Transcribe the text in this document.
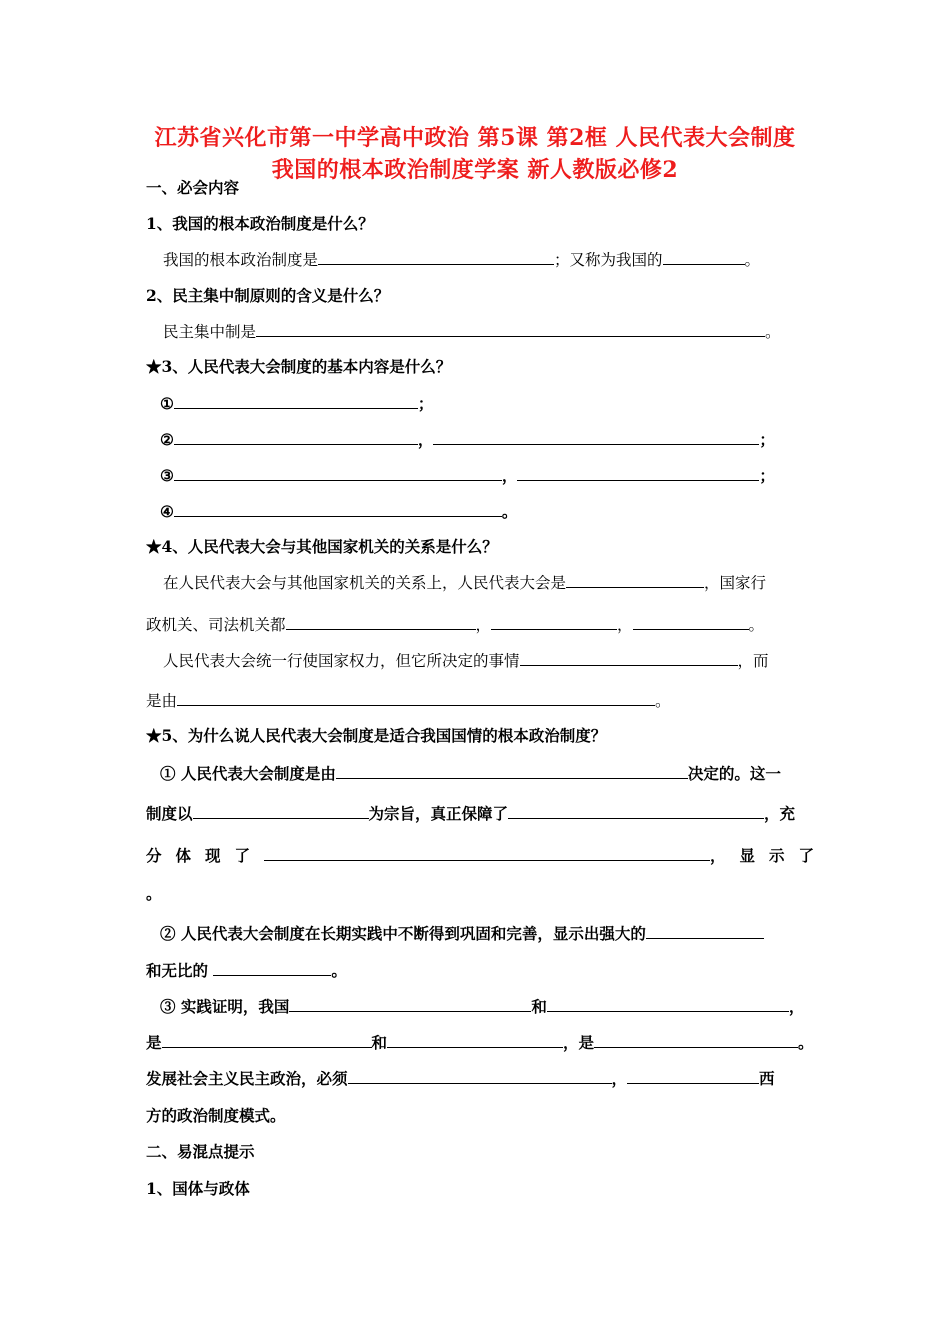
江苏省兴化市第一中学高中政治 第5课 第2框 人民代表大会制度
我国的根本政治制度学案 新人教版必修2
一、必会内容
1、我国的根本政治制度是什么？
我国的根本政治制度是	；又称为我国的	。
2、民主集中制原则的含义是什么？
民主集中制是	。
★3、人民代表大会制度的基本内容是什么？
①	；
②	，	；
③	，	；
④	。
★4、人民代表大会与其他国家机关的关系是什么？
在人民代表大会与其他国家机关的关系上，人民代表大会是	，国家行
政机关、司法机关都	，	，	。
人民代表大会统一行使国家权力，但它所决定的事情	，而
是由	。
★5、为什么说人民代表大会制度是适合我国国情的根本政治制度？
① 人民代表大会制度是由	决定的。这一
制度以	为宗旨，真正保障了	，充
分体现了	，显示了
。
② 人民代表大会制度在长期实践中不断得到巩固和完善，显示出强大的
和无比的	。
③ 实践证明，我国	和	，
是	和	，是	。
发展社会主义民主政治，必须	，	西
方的政治制度模式。
二、易混点提示
1、国体与政体
